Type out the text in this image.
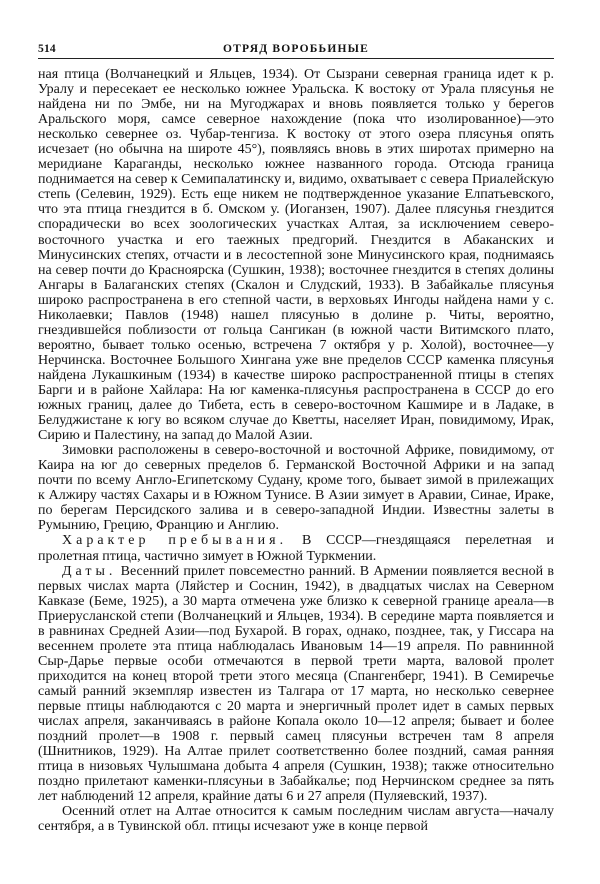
514	ОТРЯД ВОРОБЬИНЫЕ

ная птица (Волчанецкий и Яльцев, 1934). От Сызрани северная граница идет к р. Уралу и пересекает ее несколько южнее Уральска. К востоку от Урала плясунья не найдена ни по Эмбе, ни на Мугоджарах и вновь появляется только у берегов Аральского моря, самсе северное нахождение (пока что изолированное)—это несколько севернее оз. Чубар-тенгиза. К востоку от этого озера плясунья опять исчезает (но обычна на широте 45°), появляясь вновь в этих широтах примерно на меридиане Караганды, несколько южнее названного города. Отсюда граница поднимается на север к Семипалатинску и, видимо, охватывает с севера Приалейскую степь (Селевин, 1929). Есть еще никем не подтвержденное указание Елпатьевского, что эта птица гнездится в б. Омском у. (Иоганзен, 1907). Далее плясунья гнездится спорадически во всех зоологических участках Алтая, за исключением северо-восточного участка и его таежных предгорий. Гнездится в Абаканских и Минусинских степях, отчасти и в лесостепной зоне Минусинского края, поднимаясь на север почти до Красноярска (Сушкин, 1938); восточнее гнездится в степях долины Ангары в Балаганских степях (Скалон и Слудский, 1933). В Забайкалье плясунья широко распространена в его степной части, в верховьях Ингоды найдена нами у с. Николаевки; Павлов (1948) нашел плясунью в долине р. Читы, вероятно, гнездившейся поблизости от гольца Сангикан (в южной части Витимского плато, вероятно, бывает только осенью, встречена 7 октября у р. Холой), восточнее—у Нерчинска. Восточнее Большого Хингана уже вне пределов СССР каменка плясунья найдена Лукашкиным (1934) в качестве широко распространенной птицы в степях Барги и в районе Хайлара: На юг каменка-плясунья распространена в СССР до его южных границ, далее до Тибета, есть в северо-восточном Кашмире и в Ладаке, в Белуджистане к югу во всяком случае до Кветты, населяет Иран, повидимому, Ирак, Сирию и Палестину, на запад до Малой Азии.

Зимовки расположены в северо-восточной и восточной Африке, повидимому, от Каира на юг до северных пределов б. Германской Восточной Африки и на запад почти по всему Англо-Египетскому Судану, кроме того, бывает зимой в прилежащих к Алжиру частях Сахары и в Южном Тунисе. В Азии зимует в Аравии, Синае, Ираке, по берегам Персидского залива и в северо-западной Индии. Известны залеты в Румынию, Грецию, Францию и Англию.

Характер пребывания. В СССР—гнездящаяся перелетная и пролетная птица, частично зимует в Южной Туркмении.

Даты. Весенний прилет повсеместно ранний. В Армении появляется весной в первых числах марта (Ляйстер и Соснин, 1942), в двадцатых числах на Северном Кавказе (Беме, 1925), а 30 марта отмечена уже близко к северной границе ареала—в Приерусланской степи (Волчанецкий и Яльцев, 1934). В середине марта появляется и в равнинах Средней Азии—под Бухарой. В горах, однако, позднее, так, у Гиссара на весеннем пролете эта птица наблюдалась Ивановым 14—19 апреля. По равнинной Сыр-Дарье первые особи отмечаются в первой трети марта, валовой пролет приходится на конец второй трети этого месяца (Спангенберг, 1941). В Семиречье самый ранний экземпляр известен из Талгара от 17 марта, но несколько севернее первые птицы наблюдаются с 20 марта и энергичный пролет идет в самых первых числах апреля, заканчиваясь в районе Копала около 10—12 апреля; бывает и более поздний пролет—в 1908 г. первый самец плясуньи встречен там 8 апреля (Шнитников, 1929). На Алтае прилет соответственно более поздний, самая ранняя птица в низовьях Чулышмана добыта 4 апреля (Сушкин, 1938); также относительно поздно прилетают каменки-плясуньи в Забайкалье; под Нерчинском среднее за пять лет наблюдений 12 апреля, крайние даты 6 и 27 апреля (Пуляевский, 1937).

Осенний отлет на Алтае относится к самым последним числам августа—началу сентября, а в Тувинской обл. птицы исчезают уже в конце первой
